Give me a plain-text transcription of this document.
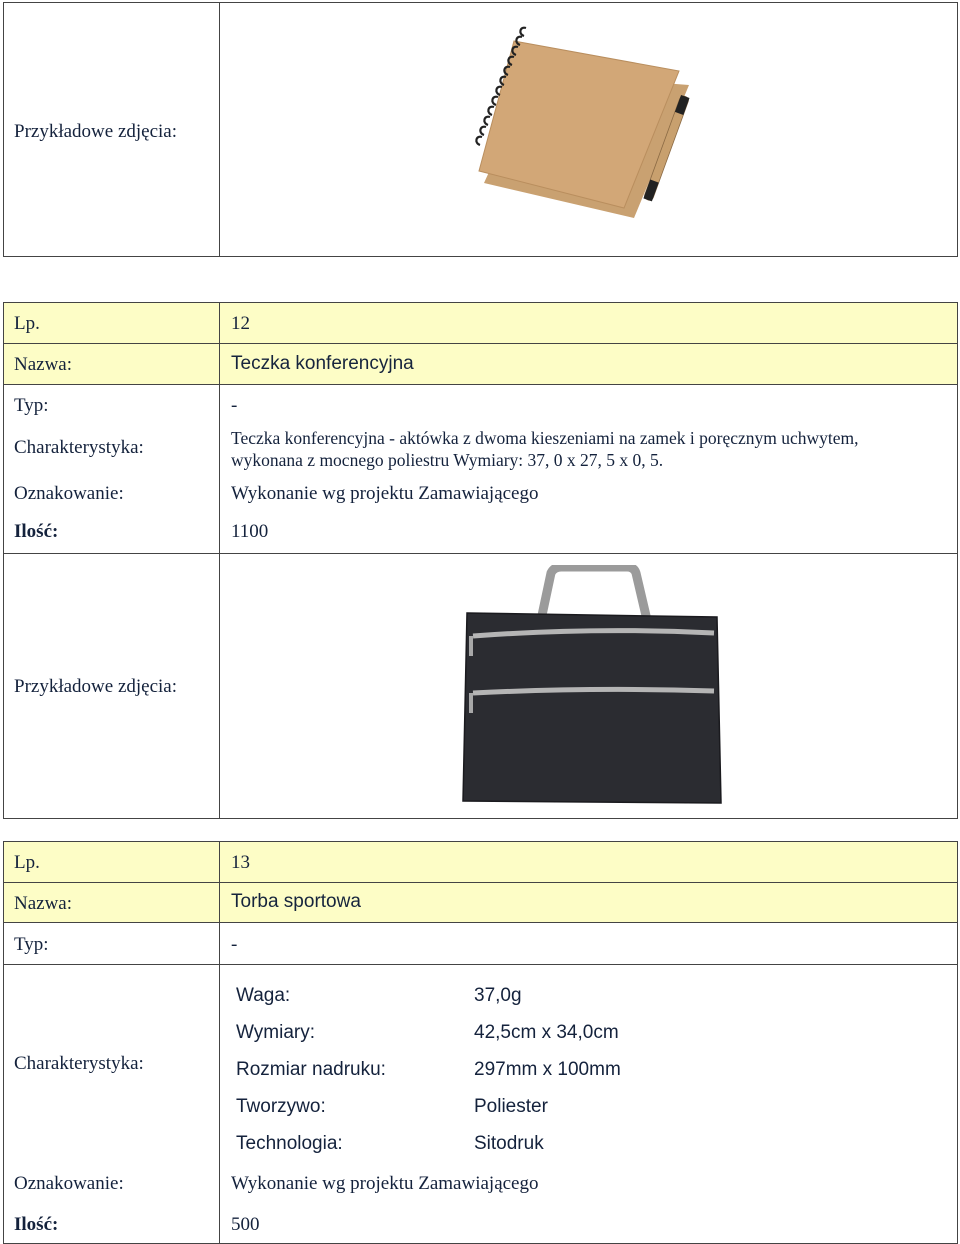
Przykładowe zdjęcia:
Lp.	12
Nazwa:	Teczka konferencyjna
Typ:	-
Charakterystyka:	Teczka konferencyjna - aktówka z dwoma kieszeniami na zamek i poręcznym uchwytem,
wykonana z mocnego poliestru Wymiary: 37, 0 x 27, 5 x 0, 5.
Oznakowanie:	Wykonanie wg projektu Zamawiającego
Ilość:	1100
Przykładowe zdjęcia:
Lp.	13
Nazwa:	Torba sportowa
Typ:	-
Charakterystyka:
Waga:	37,0g
Wymiary:	42,5cm x 34,0cm
Rozmiar nadruku:	297mm x 100mm
Tworzywo:	Poliester
Technologia:	Sitodruk
Oznakowanie:	Wykonanie wg projektu Zamawiającego
Ilość:	500
